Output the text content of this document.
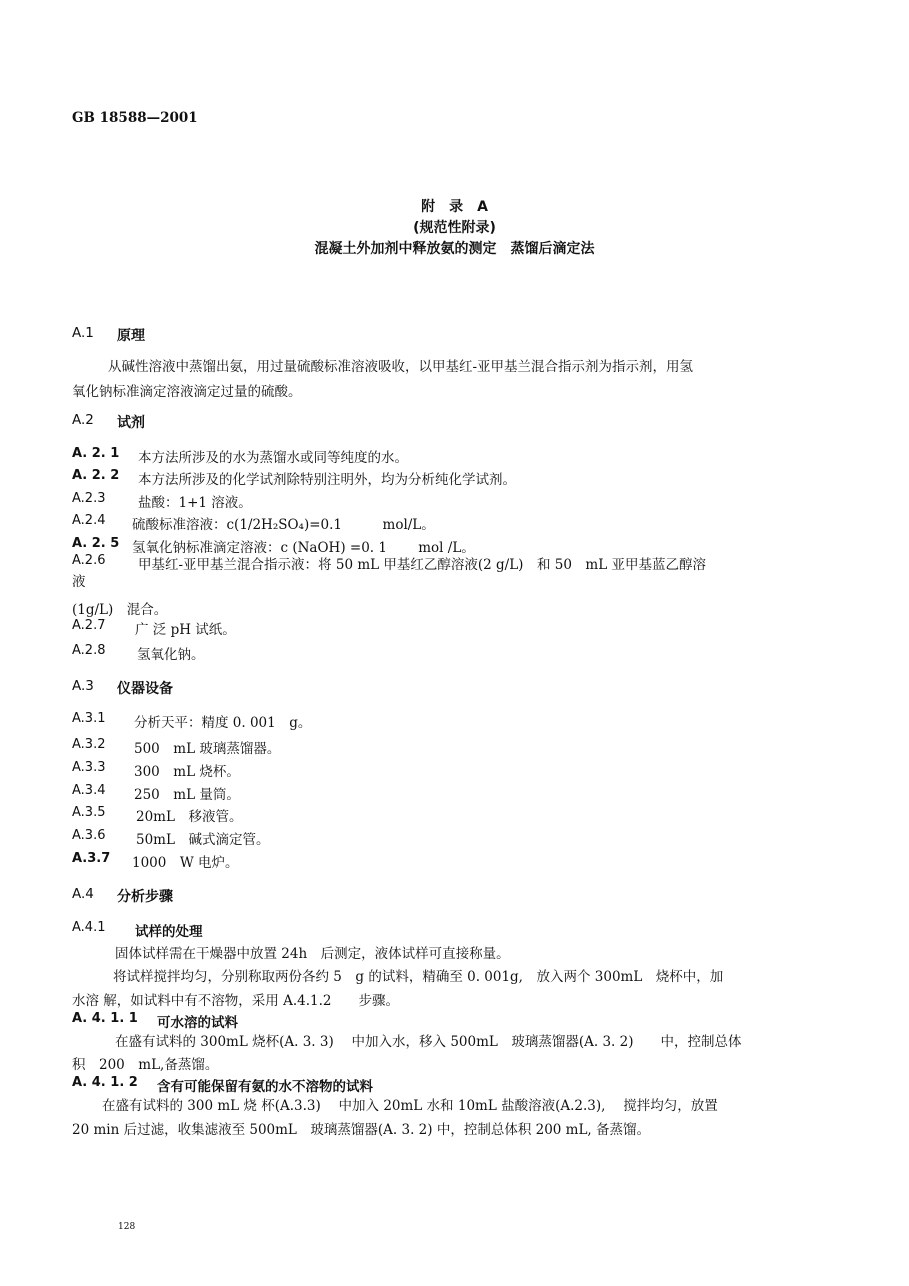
GB 18588—2001
附　录　A
(规范性附录)
混凝土外加剂中释放氨的测定　蒸馏后滴定法
A.1 原理
从碱性溶液中蒸馏出氨，用过量硫酸标准溶液吸收，以甲基红-亚甲基兰混合指示剂为指示剂，用氢
氧化钠标准滴定溶液滴定过量的硫酸。
A.2 试剂
A. 2. 1 本方法所涉及的水为蒸馏水或同等纯度的水。
A. 2. 2 本方法所涉及的化学试剂除特别注明外，均为分析纯化学试剂。
A.2.3 盐酸：1+1 溶液。
A.2.4 硫酸标准溶液：c(1/2H₂SO₄)=0.1　　　mol/L。
A. 2. 5 氢氧化钠标准滴定溶液：c (NaOH) =0. 1　　 mol /L。
A.2.6 甲基红-亚甲基兰混合指示液：将 50 mL 甲基红乙醇溶液(2 g/L)　和 50　mL 亚甲基蓝乙醇溶
液
(1g/L)　混合。
A.2.7 广 泛 pH 试纸。
A.2.8 氢氧化钠。
A.3 仪器设备
A.3.1 分析天平：精度 0. 001　g。
A.3.2 500　mL 玻璃蒸馏器。
A.3.3 300　mL 烧杯。
A.3.4 250　mL 量筒。
A.3.5 20mL　移液管。
A.3.6 50mL　碱式滴定管。
A.3.7 1000　W 电炉。
A.4 分析步骤
A.4.1 试样的处理
固体试样需在干燥器中放置 24h　后测定，液体试样可直接称量。
将试样搅拌均匀，分别称取两份各约 5　g 的试料，精确至 0. 001g,　放入两个 300mL　烧杯中，加
水溶 解，如试料中有不溶物，采用 A.4.1.2　　步骤。
A. 4. 1. 1 可水溶的试料
在盛有试料的 300mL 烧杯(A. 3. 3)　 中加入水，移入 500mL　玻璃蒸馏器(A. 3. 2)　　中，控制总体
积　200　mL,备蒸馏。
A. 4. 1. 2 含有可能保留有氨的水不溶物的试料
在盛有试料的 300 mL 烧 杯(A.3.3)　 中加入 20mL 水和 10mL 盐酸溶液(A.2.3),　 搅拌均匀，放置
20 min 后过滤，收集滤液至 500mL　玻璃蒸馏器(A. 3. 2) 中，控制总体积 200 mL, 备蒸馏。
128
